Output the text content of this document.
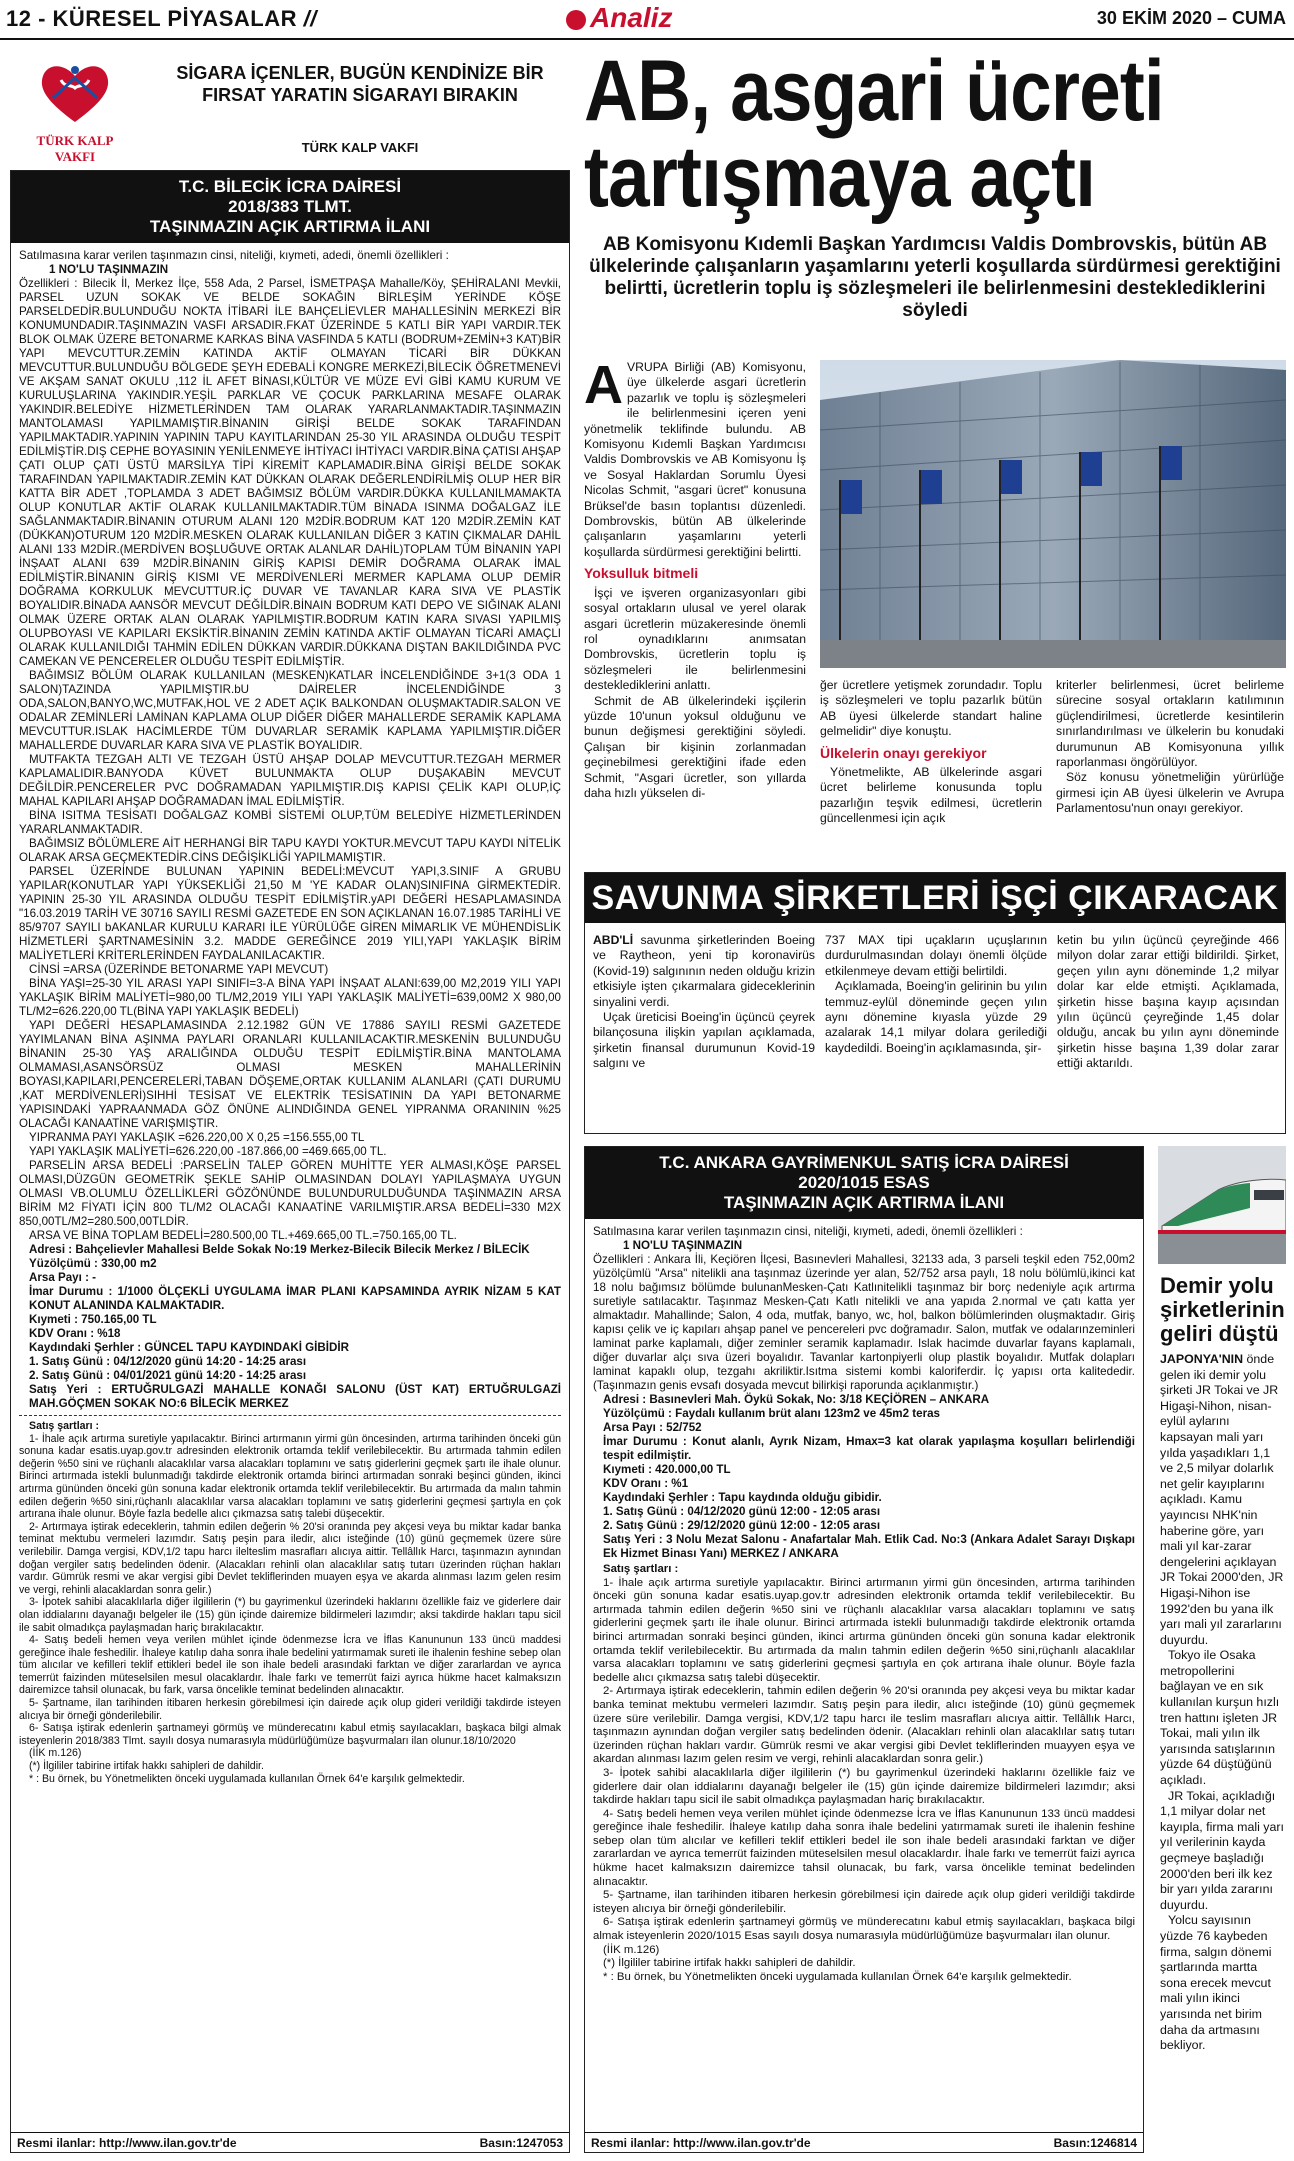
12 - KÜRESEL PİYASALAR //	Analiz	30 EKİM 2020 – CUMA
TÜRK KALP VAKFI
SİGARA İÇENLER, BUGÜN KENDİNİZE BİR FIRSAT YARATIN SİGARAYI BIRAKIN
TÜRK KALP VAKFI
T.C. BİLECİK İCRA DAİRESİ
2018/383 TLMT.
TAŞINMAZIN AÇIK ARTIRMA İLANI

Satılmasına karar verilen taşınmazın cinsi, niteliği, kıymeti, adedi, önemli özellikleri :

1 NO'LU TAŞINMAZIN

Özellikleri : Bilecik İl, Merkez İlçe, 558 Ada, 2 Parsel, İSMETPAŞA Mahalle/Köy, ŞEHİRALANI Mevkii, PARSEL UZUN SOKAK VE BELDE SOKAĞIN BİRLEŞİM YERİNDE KÖŞE PARSELDEDİR.BULUNDUĞU NOKTA İTİBARİ İLE BAHÇELİEVLER MAHALLESİNİN MERKEZİ BİR KONUMUNDADIR.TAŞINMAZIN VASFI ARSADIR.FKAT ÜZERİNDE 5 KATLI BİR YAPI VARDIR.TEK BLOK OLMAK ÜZERE BETONARME KARKAS BİNA VASFINDA 5 KATLI (BODRUM+ZEMİN+3 KAT)BİR YAPI MEVCUTTUR.ZEMİN KATINDA AKTİF OLMAYAN TİCARİ BİR DÜKKAN MEVCUTTUR.BULUNDUĞU BÖLGEDE ŞEYH EDEBALİ KONGRE MERKEZİ,BİLECİK ÖĞRETMENEVİ VE AKŞAM SANAT OKULU ,112 İL AFET BİNASI,KÜLTÜR VE MÜZE EVİ GİBİ KAMU KURUM VE KURULUŞLARINA YAKINDIR.YEŞİL PARKLAR VE ÇOCUK PARKLARINA MESAFE OLARAK YAKINDIR.BELEDİYE HİZMETLERİNDEN TAM OLARAK YARARLANMAKTADIR.TAŞINMAZIN MANTOLAMASI YAPILMAMIŞTIR.BİNANIN GİRİŞİ BELDE SOKAK TARAFINDAN YAPILMAKTADIR.YAPININ YAPININ TAPU KAYITLARINDAN 25-30 YIL ARASINDA OLDUĞU TESPİT EDİLMİŞTİR.DIŞ CEPHE BOYASININ YENİLENMEYE İHTİYACI İHTİYACI VARDIR.BİNA ÇATISI AHŞAP ÇATI OLUP ÇATI ÜSTÜ MARSİLYA TİPİ KİREMİT KAPLAMADIR.BİNA GİRİŞİ BELDE SOKAK TARAFINDAN YAPILMAKTADIR.ZEMİN KAT DÜKKAN OLARAK DEĞERLENDİRİLMİŞ OLUP HER BİR KATTA BİR ADET ,TOPLAMDA 3 ADET BAĞIMSIZ BÖLÜM VARDIR.DÜKKA KULLANILMAMAKTA OLUP KONUTLAR AKTİF OLARAK KULLANILMAKTADIR.TÜM BİNADA ISINMA DOĞALGAZ İLE SAĞLANMAKTADIR.BİNANIN OTURUM ALANI 120 M2DİR.BODRUM KAT 120 M2DİR.ZEMİN KAT (DÜKKAN)OTURUM 120 M2DİR.MESKEN OLARAK KULLANILAN DİĞER 3 KATIN ÇIKMALAR DAHİL ALANI 133 M2DİR.(MERDİVEN BOŞLUĞUVE ORTAK ALANLAR DAHİL)TOPLAM TÜM BİNANIN YAPI İNŞAAT ALANI 639 M2DİR.BİNANIN GİRİŞ KAPISI DEMİR DOĞRAMA OLARAK İMAL EDİLMİŞTİR.BİNANIN GİRİŞ KISMI VE MERDİVENLERİ MERMER KAPLAMA OLUP DEMİR DOĞRAMA KORKULUK MEVCUTTUR.İÇ DUVAR VE TAVANLAR KARA SIVA VE PLASTİK BOYALIDIR.BİNADA AANSÖR MEVCUT DEĞİLDİR.BİNAIN BODRUM KATI DEPO VE SIĞINAK ALANI OLMAK ÜZERE ORTAK ALAN OLARAK YAPILMIŞTIR.BODRUM KATIN KARA SIVASI YAPILMIŞ OLUPBOYASI VE KAPILARI EKSİKTİR.BİNANIN ZEMİN KATINDA AKTİF OLMAYAN TİCARİ AMAÇLI OLARAK KULLANILDIĞI TAHMİN EDİLEN DÜKKAN VARDIR.DÜKKANA DIŞTAN BAKILDIĞINDA PVC CAMEKAN VE PENCERELER OLDUĞU TESPİT EDİLMİŞTİR.

BAĞIMSIZ BÖLÜM OLARAK KULLANILAN (MESKEN)KATLAR İNCELENDİĞİNDE 3+1(3 ODA 1 SALON)TAZINDA YAPILMIŞTIR.bU DAİRELER İNCELENDİĞİNDE 3 ODA,SALON,BANYO,WC,MUTFAK,HOL VE 2 ADET AÇIK BALKONDAN OLUŞMAKTADIR.SALON VE ODALAR ZEMİNLERİ LAMİNAN KAPLAMA OLUP DİĞER DİĞER MAHALLERDE SERAMİK KAPLAMA MEVCUTTUR.ISLAK HACİMLERDE TÜM DUVARLAR SERAMİK KAPLAMA YAPILMIŞTIR.DİĞER MAHALLERDE DUVARLAR KARA SIVA VE PLASTİK BOYALIDIR.

MUTFAKTA TEZGAH ALTI VE TEZGAH ÜSTÜ AHŞAP DOLAP MEVCUTTUR.TEZGAH MERMER KAPLAMALIDIR.BANYODA KÜVET BULUNMAKTA OLUP DUŞAKABİN MEVCUT DEĞİLDİR.PENCERELER PVC DOĞRAMADAN YAPILMIŞTIR.DIŞ KAPISI ÇELİK KAPI OLUP,İÇ MAHAL KAPILARI AHŞAP DOĞRAMADAN İMAL EDİLMİŞTİR.

BİNA ISITMA TESİSATI DOĞALGAZ KOMBİ SİSTEMİ OLUP,TÜM BELEDİYE HİZMETLERİNDEN YARARLANMAKTADIR.

BAĞIMSIZ BÖLÜMLERE AİT HERHANGİ BİR TAPU KAYDI YOKTUR.MEVCUT TAPU KAYDI NİTELİK OLARAK ARSA GEÇMEKTEDİR.CİNS DEĞİŞİKLİĞİ YAPILMAMIŞTIR.

PARSEL ÜZERİNDE BULUNAN YAPININ BEDELİ:MEVCUT YAPI,3.SINIF A GRUBU YAPILAR(KONUTLAR YAPI YÜKSEKLİĞİ 21,50 M 'YE KADAR OLAN)SINIFINA GİRMEKTEDİR. YAPININ 25-30 YIL ARASINDA OLDUĞU TESPİT EDİLMİŞTİR.yAPI DEĞERİ HESAPLAMASINDA "16.03.2019 TARİH VE 30716 SAYILI RESMİ GAZETEDE EN SON AÇIKLANAN 16.07.1985 TARİHLİ VE 85/9707 SAYILI bAKANLAR KURULU KARARI İLE YÜRÜLÜĞE GİREN MİMARLIK VE MÜHENDİSLİK HİZMETLERİ ŞARTNAMESİNİN 3.2. MADDE GEREĞİNCE 2019 YILI,YAPI YAKLAŞIK BİRİM MALİYETLERİ KRİTERLERİNDEN FAYDALANILACAKTIR.

CİNSİ =ARSA (ÜZERİNDE BETONARME YAPI MEVCUT)

BİNA YAŞI=25-30 YIL ARASI YAPI SINIFI=3-A BİNA YAPI İNŞAAT ALANI:639,00 M2,2019 YILI YAPI YAKLAŞIK BİRİM MALİYETİ=980,00 TL/M2,2019 YILI YAPI YAKLAŞIK MALİYETİ=639,00M2 X 980,00 TL/M2=626.220,00 TL(BİNA YAPI YAKLAŞIK BEDELİ)

YAPI DEĞERİ HESAPLAMASINDA 2.12.1982 GÜN VE 17886 SAYILI RESMİ GAZETEDE YAYIMLANAN BİNA AŞINMA PAYLARI ORANLARI KULLANILACAKTIR.MESKENİN BULUNDUĞU BİNANIN 25-30 YAŞ ARALIĞINDA OLDUĞU TESPİT EDİLMİŞTİR.BİNA MANTOLAMA OLMAMASI,ASANSÖRSÜZ OLMASI MESKEN MAHALLERİNİN BOYASI,KAPILARI,PENCERELERİ,TABAN DÖŞEME,ORTAK KULLANIM ALANLARI (ÇATI DURUMU ,KAT MERDİVENLERİ)SIHHİ TESİSAT VE ELEKTRİK TESİSATININ DA YAPI BETONARME YAPISINDAKİ YAPRAANMADA GÖZ ÖNÜNE ALINDIĞINDA GENEL YIPRANMA ORANININ %25 OLACAĞI KANAATİNE VARIŞMIŞTIR.

YIPRANMA PAYI YAKLAŞIK =626.220,00 X 0,25 =156.555,00 TL

YAPI YAKLAŞIK MALİYETİ=626.220,00 -187.866,00 =469.665,00 TL.

PARSELİN ARSA BEDELİ :PARSELİN TALEP GÖREN MUHİTTE YER ALMASI,KÖŞE PARSEL OLMASI,DÜZGÜN GEOMETRİK ŞEKLE SAHİP OLMASINDAN DOLAYI YAPILAŞMAYA UYGUN OLMASI VB.OLUMLU ÖZELLİKLERİ GÖZÖNÜNDE BULUNDURULDUĞUNDA TAŞINMAZIN ARSA BİRİM M2 FİYATI İÇİN 800 TL/M2 OLACAĞI KANAATİNE VARILMIŞTIR.ARSA BEDELİ=330 M2X 850,00TL/M2=280.500,00TLDİR.

ARSA VE BİNA TOPLAM BEDELİ=280.500,00 TL.+469.665,00 TL.=750.165,00 TL.

Adresi : Bahçelievler Mahallesi Belde Sokak No:19 Merkez-Bilecik Bilecik Merkez / BİLECİK

Yüzölçümü : 330,00 m2

Arsa Payı : -

İmar Durumu : 1/1000 ÖLÇEKLİ UYGULAMA İMAR PLANI KAPSAMINDA AYRIK NİZAM 5 KAT KONUT ALANINDA KALMAKTADIR.

Kıymeti : 750.165,00 TL

KDV Oranı : %18

Kaydındaki Şerhler : GÜNCEL TAPU KAYDINDAKİ GİBİDİR

1. Satış Günü : 04/12/2020 günü 14:20 - 14:25 arası

2. Satış Günü : 04/01/2021 günü 14:20 - 14:25 arası

Satış Yeri : ERTUĞRULGAZİ MAHALLE KONAĞI SALONU (ÜST KAT) ERTUĞRULGAZİ MAH.GÖÇMEN SOKAK NO:6 BİLECİK MERKEZ

Satış şartları :

1- İhale açık artırma suretiyle yapılacaktır. Birinci artırmanın yirmi gün öncesinden, artırma tarihinden önceki gün sonuna kadar esatis.uyap.gov.tr adresinden elektronik ortamda teklif verilebilecektir. Bu artırmada tahmin edilen değerin %50 sini ve rüçhanlı alacaklılar varsa alacakları toplamını ve satış giderlerini geçmek şartı ile ihale olunur. Birinci artırmada istekli bulunmadığı takdirde elektronik ortamda birinci artırmadan sonraki beşinci günden, ikinci artırma gününden önceki gün sonuna kadar elektronik ortamda teklif verilebilecektir. Bu artırmada da malın tahmin edilen değerin %50 sini,rüçhanlı alacaklılar varsa alacakları toplamını ve satış giderlerini geçmesi şartıyla en çok artırana ihale olunur. Böyle fazla bedelle alıcı çıkmazsa satış talebi düşecektir.

2- Artırmaya iştirak edeceklerin, tahmin edilen değerin % 20'si oranında pey akçesi veya bu miktar kadar banka teminat mektubu vermeleri lazımdır. Satış peşin para iledir, alıcı isteğinde (10) günü geçmemek üzere süre verilebilir. Damga vergisi, KDV,1/2 tapu harcı ilelteslim masrafları alıcıya aittir. Tellâllık Harcı, taşınmazın aynından doğan vergiler satış bedelinden ödenir. (Alacakları rehinli olan alacaklılar satış tutarı üzerinden rüçhan hakları vardır. Gümrük resmi ve akar vergisi gibi Devlet tekliflerinden muayen eşya ve akarda alınması lazım gelen resim ve vergi, rehinli alacaklardan sonra gelir.)

3- İpotek sahibi alacaklılarla diğer ilgililerin (*) bu gayrimenkul üzerindeki haklarını özellikle faiz ve giderlere dair olan iddialarını dayanağı belgeler ile (15) gün içinde dairemize bildirmeleri lazımdır; aksi takdirde hakları tapu sicil ile sabit olmadıkça paylaşmadan hariç bırakılacaktır.

4- Satış bedeli hemen veya verilen mühlet içinde ödenmezse İcra ve İflas Kanununun 133 üncü maddesi gereğince ihale feshedilir. İhaleye katılıp daha sonra ihale bedelini yatırmamak sureti ile ihalenin feshine sebep olan tüm alıcılar ve kefilleri teklif ettikleri bedel ile son ihale bedeli arasındaki farktan ve diğer zararlardan ve ayrıca temerrüt faizinden müteselsilen mesul olacaklardır. İhale farkı ve temerrüt faizi ayrıca hükme hacet kalmaksızın dairemizce tahsil olunacak, bu fark, varsa öncelikle teminat bedelinden alınacaktır.

5- Şartname, ilan tarihinden itibaren herkesin görebilmesi için dairede açık olup gideri verildiği takdirde isteyen alıcıya bir örneği gönderilebilir.

6- Satışa iştirak edenlerin şartnameyi görmüş ve münderecatını kabul etmiş sayılacakları, başkaca bilgi almak isteyenlerin 2018/383 Tlmt. sayılı dosya numarasıyla müdürlüğümüze başvurmaları ilan olunur.18/10/2020

(İİK m.126)

(*) İlgililer tabirine irtifak hakkı sahipleri de dahildir.

* : Bu örnek, bu Yönetmelikten önceki uygulamada kullanılan Örnek 64'e karşılık gelmektedir.

Resmi ilanlar: http://www.ilan.gov.tr'de	Basın:1247053
AB, asgari ücreti
tartışmaya açtı
AB Komisyonu Kıdemli Başkan Yardımcısı Valdis Dombrovskis, bütün AB ülkelerinde çalışanların yaşamlarını yeterli koşullarda sürdürmesi gerektiğini belirtti, ücretlerin toplu iş sözleşmeleri ile belirlenmesini desteklediklerini söyledi
AVRUPA Birliği (AB) Komisyonu, üye ülkelerde asgari ücretlerin pazarlık ve toplu iş sözleşmeleri ile belirlenmesini içeren yeni yönetmelik teklifinde bulundu. AB Komisyonu Kıdemli Başkan Yardımcısı Valdis Dombrovskis ve AB Komisyonu İş ve Sosyal Haklardan Sorumlu Üyesi Nicolas Schmit, "asgari ücret" konusuna Brüksel'de basın toplantısı düzenledi. Dombrovskis, bütün AB ülkelerinde çalışanların yaşamlarını yeterli koşullarda sürdürmesi gerektiğini belirtti.
Yoksulluk bitmeli

İşçi ve işveren organizasyonları gibi sosyal ortakların ulusal ve yerel olarak asgari ücretlerin müzakeresinde önemli rol oynadıklarını anımsatan Dombrovskis, ücretlerin toplu iş sözleşmeleri ile belirlenmesini desteklediklerini anlattı.

Schmit de AB ülkelerindeki işçilerin yüzde 10'unun yoksul olduğunu ve bunun değişmesi gerektiğini söyledi. Çalışan bir kişinin zorlanmadan geçinebilmesi gerektiğini ifade eden Schmit, "Asgari ücretler, son yıllarda daha hızlı yükselen di-

ğer ücretlere yetişmek zorundadır. Toplu iş sözleşmeleri ve toplu pazarlık bütün AB üyesi ülkelerde standart haline gelmelidir" diye konuştu.

Ülkelerin onayı gerekiyor

Yönetmelikte, AB ülkelerinde asgari ücret belirleme konusunda toplu pazarlığın teşvik edilmesi, ücretlerin güncellenmesi için açık

kriterler belirlenmesi, ücret belirleme sürecine sosyal ortakların katılımının güçlendirilmesi, ücretlerde kesintilerin sınırlandırılması ve ülkelerin bu konudaki durumunun AB Komisyonuna yıllık raporlanması öngörülüyor.

Söz konusu yönetmeliğin yürürlüğe girmesi için AB üyesi ülkelerin ve Avrupa Parlamentosu'nun onayı gerekiyor.

SAVUNMA ŞİRKETLERİ İŞÇİ ÇIKARACAK

ABD'Lİ savunma şirketlerinden Boeing ve Raytheon, yeni tip koronavirüs (Kovid-19) salgınının neden olduğu krizin etkisiyle işten çıkarmalara gideceklerinin sinyalini verdi.

Uçak üreticisi Boeing'in üçüncü çeyrek bilançosuna ilişkin yapılan açıklamada, şirketin finansal durumunun Kovid-19 salgını ve

737 MAX tipi uçakların uçuşlarının durdurulmasından dolayı önemli ölçüde etkilenmeye devam ettiği belirtildi.

Açıklamada, Boeing'in gelirinin bu yılın temmuz-eylül döneminde geçen yılın aynı dönemine kıyasla yüzde 29 azalarak 14,1 milyar dolara gerilediği kaydedildi. Boeing'in açıklamasında, şir-

ketin bu yılın üçüncü çeyreğinde 466 milyon dolar zarar ettiği bildirildi. Şirket, geçen yılın aynı döneminde 1,2 milyar dolar kar elde etmişti. Açıklamada, şirketin hisse başına kayıp açısından yılın üçüncü çeyreğinde 1,45 dolar olduğu, ancak bu yılın aynı döneminde şirketin hisse başına 1,39 dolar zarar ettiği aktarıldı.

T.C. ANKARA GAYRİMENKUL SATIŞ İCRA DAİRESİ
2020/1015 ESAS
TAŞINMAZIN AÇIK ARTIRMA İLANI

Satılmasına karar verilen taşınmazın cinsi, niteliği, kıymeti, adedi, önemli özellikleri :

1 NO'LU TAŞINMAZIN

Özellikleri : Ankara İli, Keçiören İlçesi, Basınevleri Mahallesi, 32133 ada, 3 parseli teşkil eden 752,00m2 yüzölçümlü "Arsa" nitelikli ana taşınmaz üzerinde yer alan, 52/752 arsa paylı, 18 nolu bölümlü,ikinci kat 18 nolu bağımsız bölümde bulunanMesken-Çatı Katlınitelikli taşınmaz bir borç nedeniyle açık artırma suretiyle satılacaktır. Taşınmaz Mesken-Çatı Katlı nitelikli ve ana yapıda 2.normal ve çatı katta yer almaktadır. Mahallinde; Salon, 4 oda, mutfak, banyo, wc, hol, balkon bölümlerinden oluşmaktadır. Giriş kapısı çelik ve iç kapıları ahşap panel ve pencereleri pvc doğramadır. Salon, mutfak ve odalarınzeminleri laminat parke kaplamalı, diğer zeminler seramik kaplamadır. Islak hacimde duvarlar fayans kaplamalı, diğer duvarlar alçı sıva üzeri boyalıdır. Tavanlar kartonpiyerli olup plastik boyalıdır. Mutfak dolapları laminat kapaklı olup, tezgahı akriliktir.Isıtma sistemi kombi kaloriferdir. İç yapısı orta kalitededir. (Taşınmazın genis evsafı dosyada mevcut bilirkişi raporunda açıklanmıştır.)

Adresi : Basınevleri Mah. Öykü Sokak, No: 3/18 KEÇİÖREN – ANKARA

Yüzölçümü : Faydalı kullanım brüt alanı 123m2 ve 45m2 teras

Arsa Payı : 52/752

İmar Durumu : Konut alanlı, Ayrık Nizam, Hmax=3 kat olarak yapılaşma koşulları belirlendiği tespit edilmiştir.

Kıymeti : 420.000,00 TL

KDV Oranı : %1

Kaydındaki Şerhler : Tapu kaydında olduğu gibidir.

1. Satış Günü : 04/12/2020 günü 12:00 - 12:05 arası

2. Satış Günü : 29/12/2020 günü 12:00 - 12:05 arası

Satış Yeri : 3 Nolu Mezat Salonu - Anafartalar Mah. Etlik Cad. No:3 (Ankara Adalet Sarayı Dışkapı Ek Hizmet Binası Yanı) MERKEZ / ANKARA

Satış şartları :

1- İhale açık artırma suretiyle yapılacaktır. Birinci artırmanın yirmi gün öncesinden, artırma tarihinden önceki gün sonuna kadar esatis.uyap.gov.tr adresinden elektronik ortamda teklif verilebilecektir. Bu artırmada tahmin edilen değerin %50 sini ve rüçhanlı alacaklılar varsa alacakları toplamını ve satış giderlerini geçmek şartı ile ihale olunur. Birinci artırmada istekli bulunmadığı takdirde elektronik ortamda birinci artırmadan sonraki beşinci günden, ikinci artırma gününden önceki gün sonuna kadar elektronik ortamda teklif verilebilecektir. Bu artırmada da malın tahmin edilen değerin %50 sini,rüçhanlı alacaklılar varsa alacakları toplamını ve satış giderlerini geçmesi şartıyla en çok artırana ihale olunur. Böyle fazla bedelle alıcı çıkmazsa satış talebi düşecektir.

2- Artırmaya iştirak edeceklerin, tahmin edilen değerin % 20'si oranında pey akçesi veya bu miktar kadar banka teminat mektubu vermeleri lazımdır. Satış peşin para iledir, alıcı isteğinde (10) günü geçmemek üzere süre verilebilir. Damga vergisi, KDV,1/2 tapu harcı ile teslim masrafları alıcıya aittir. Tellâllık Harcı, taşınmazın aynından doğan vergiler satış bedelinden ödenir. (Alacakları rehinli olan alacaklılar satış tutarı üzerinden rüçhan hakları vardır. Gümrük resmi ve akar vergisi gibi Devlet tekliflerinden muayyen eşya ve akardan alınması lazım gelen resim ve vergi, rehinli alacaklardan sonra gelir.)

3- İpotek sahibi alacaklılarla diğer ilgililerin (*) bu gayrimenkul üzerindeki haklarını özellikle faiz ve giderlere dair olan iddialarını dayanağı belgeler ile (15) gün içinde dairemize bildirmeleri lazımdır; aksi takdirde hakları tapu sicil ile sabit olmadıkça paylaşmadan hariç bırakılacaktır.

4- Satış bedeli hemen veya verilen mühlet içinde ödenmezse İcra ve İflas Kanununun 133 üncü maddesi gereğince ihale feshedilir. İhaleye katılıp daha sonra ihale bedelini yatırmamak sureti ile ihalenin feshine sebep olan tüm alıcılar ve kefilleri teklif ettikleri bedel ile son ihale bedeli arasındaki farktan ve diğer zararlardan ve ayrıca temerrüt faizinden müteselsilen mesul olacaklardır. İhale farkı ve temerrüt faizi ayrıca hükme hacet kalmaksızın dairemizce tahsil olunacak, bu fark, varsa öncelikle teminat bedelinden alınacaktır.

5- Şartname, ilan tarihinden itibaren herkesin görebilmesi için dairede açık olup gideri verildiği takdirde isteyen alıcıya bir örneği gönderilebilir.

6- Satışa iştirak edenlerin şartnameyi görmüş ve münderecatını kabul etmiş sayılacakları, başkaca bilgi almak isteyenlerin 2020/1015 Esas sayılı dosya numarasıyla müdürlüğümüze başvurmaları ilan olunur.

(İİK m.126)

(*) İlgililer tabirine irtifak hakkı sahipleri de dahildir.

* : Bu örnek, bu Yönetmelikten önceki uygulamada kullanılan Örnek 64'e karşılık gelmektedir.

Resmi ilanlar: http://www.ilan.gov.tr'de	Basın:1246814
Demir yolu şirketlerinin geliri düştü

JAPONYA'NIN önde gelen iki demir yolu şirketi JR Tokai ve JR Higaşi-Nihon, nisan-eylül aylarını kapsayan mali yarı yılda yaşadıkları 1,1 ve 2,5 milyar dolarlık net gelir kayıplarını açıkladı. Kamu yayıncısı NHK'nin haberine göre, yarı mali yıl kar-zarar dengelerini açıklayan JR Tokai 2000'den, JR Higaşi-Nihon ise 1992'den bu yana ilk yarı mali yıl zararlarını duyurdu.

Tokyo ile Osaka metropollerini bağlayan ve en sık kullanılan kurşun hızlı tren hattını işleten JR Tokai, mali yılın ilk yarısında satışlarının yüzde 64 düştüğünü açıkladı.

JR Tokai, açıkladığı 1,1 milyar dolar net kayıpla, firma mali yarı yıl verilerinin kayda geçmeye başladığı 2000'den beri ilk kez bir yarı yılda zararını duyurdu.

Yolcu sayısının yüzde 76 kaybeden firma, salgın dönemi şartlarında martta sona erecek mevcut mali yılın ikinci yarısında net birim daha da artmasını bekliyor.
